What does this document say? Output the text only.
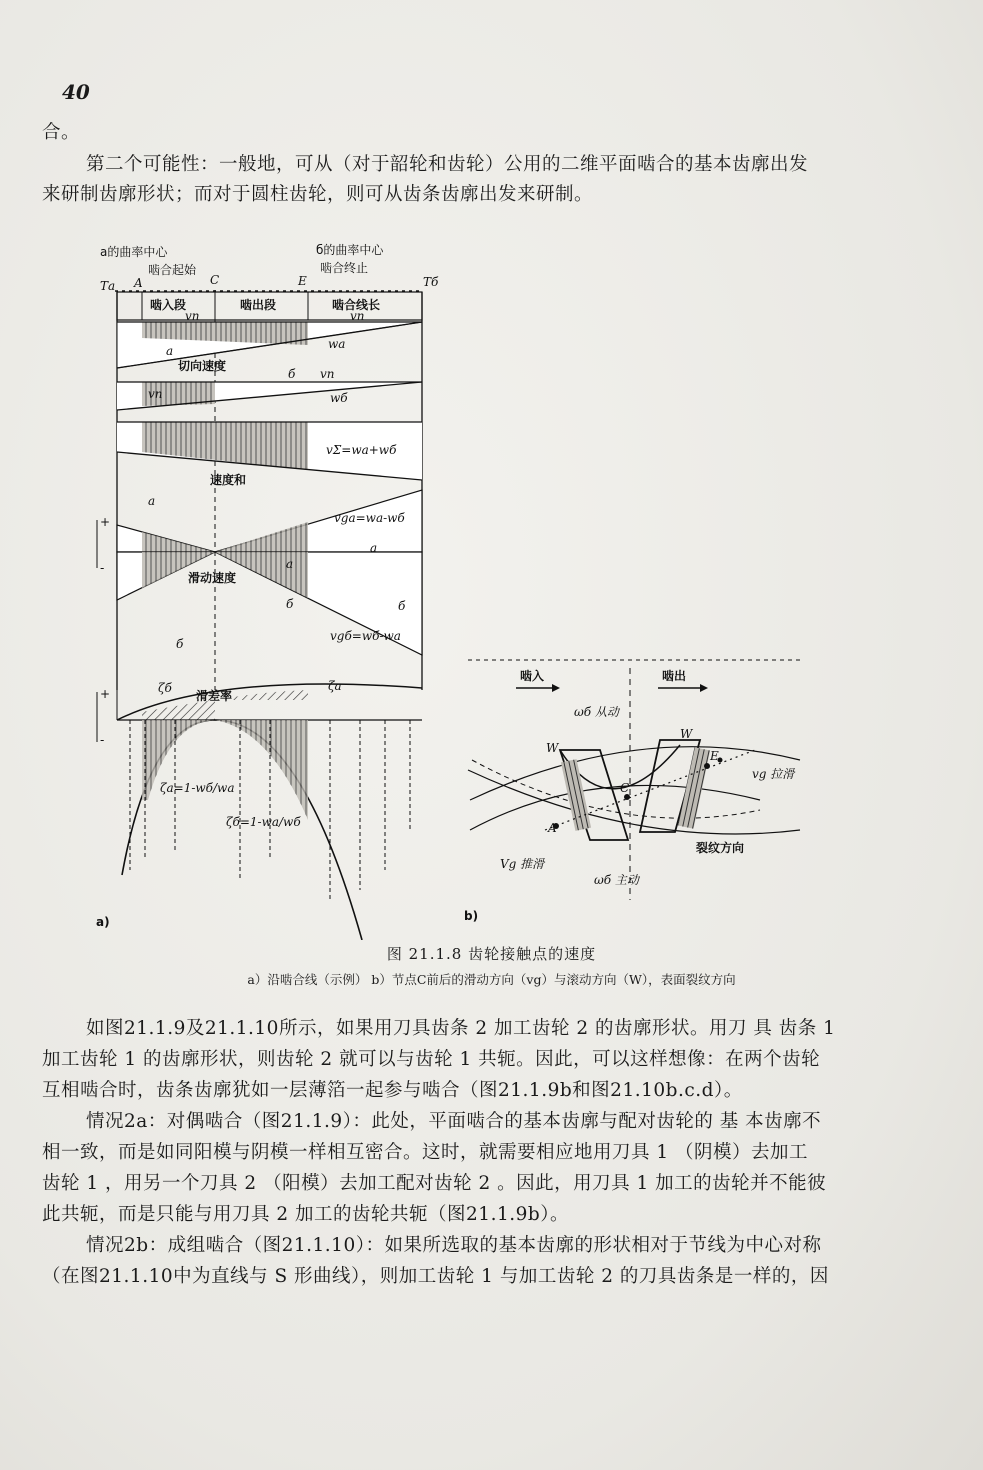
40
合。
第二个可能性：一般地，可从（对于韶轮和齿轮）公用的二维平面啮合的基本齿廓出发
来研制齿廓形状；而对于圆柱齿轮，则可从齿条齿廓出发来研制。
a的曲率中心
啮合起始
б的曲率中心
啮合终止
Tа	Tб
A	C	E
啮入段	啮出段	啮合线长
a
vn	vn
wа
切向速度
б vn
vn	wб
vΣ=wа+wб
速度和
vgа=wа-wб
a
滑动速度
б
vgб=wб-wа
a
б
a
б
+
-
ζб	ζа
滑差率
ζа=1-wб/wа
ζб=1-wа/wб
+
-
a)
啮入	啮出
ωб 从动
W
W
E
C
A
vg 拉滑
裂纹方向
Vg 推滑
ωб 主动
b)
图 21.1.8 齿轮接触点的速度
a）沿啮合线（示例） b）节点C前后的滑动方向（vg）与滚动方向（W），表面裂纹方向
如图21.1.9及21.1.10所示，如果用刀具齿条 2 加工齿轮 2 的齿廓形状。用刀 具 齿条 1
加工齿轮 1 的齿廓形状，则齿轮 2 就可以与齿轮 1 共轭。因此，可以这样想像：在两个齿轮
互相啮合时，齿条齿廓犹如一层薄箔一起参与啮合（图21.1.9b和图21.10b.c.d）。
情况2a：对偶啮合（图21.1.9）：此处，平面啮合的基本齿廓与配对齿轮的 基 本齿廓不
相一致，而是如同阳模与阴模一样相互密合。这时，就需要相应地用刀具 1 （阴模）去加工
齿轮 1 ，用另一个刀具 2 （阳模）去加工配对齿轮 2 。因此，用刀具 1 加工的齿轮并不能彼
此共轭，而是只能与用刀具 2 加工的齿轮共轭（图21.1.9b）。
情况2b：成组啮合（图21.1.10）：如果所选取的基本齿廓的形状相对于节线为中心对称
（在图21.1.10中为直线与 S 形曲线），则加工齿轮 1 与加工齿轮 2 的刀具齿条是一样的，因
